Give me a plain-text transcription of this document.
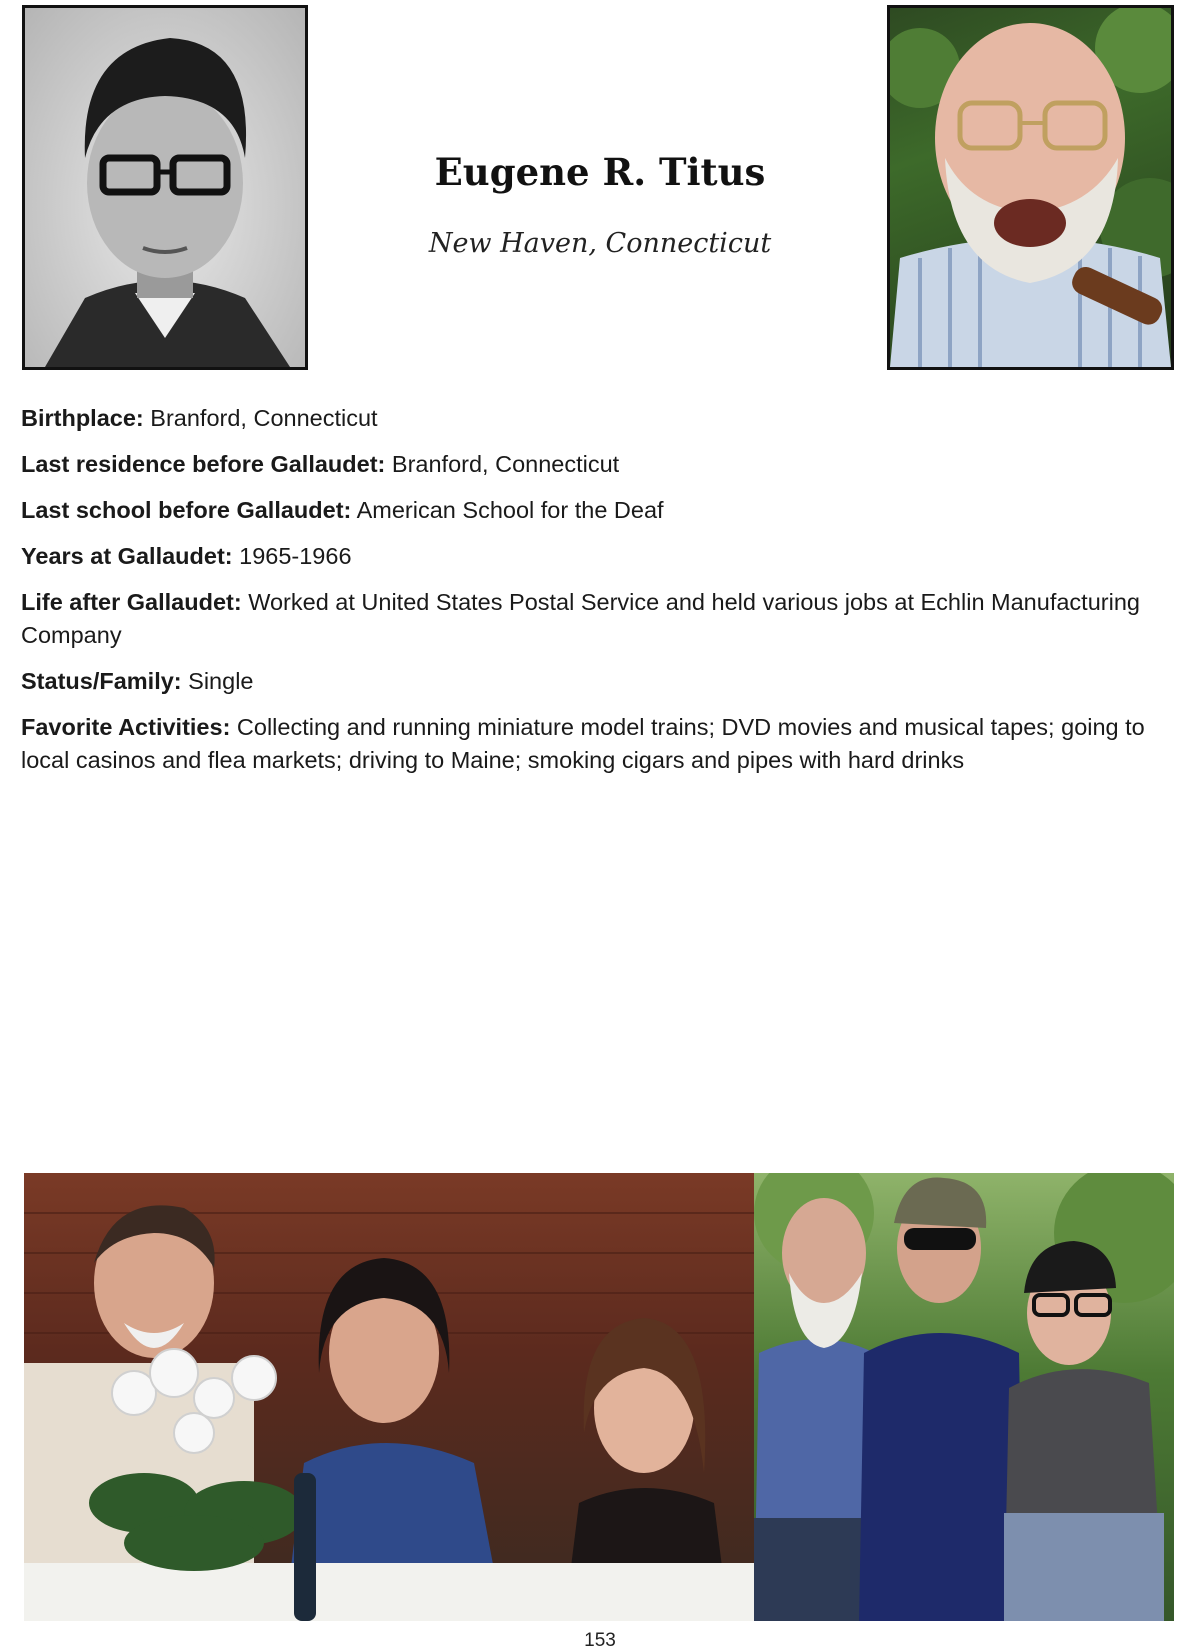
Eugene R. Titus
New Haven, Connecticut

Birthplace: Branford, Connecticut

Last residence before Gallaudet: Branford, Connecticut

Last school before Gallaudet: American School for the Deaf

Years at Gallaudet: 1965-1966

Life after Gallaudet: Worked at United States Postal Service and held various jobs at Echlin Manufacturing Company

Status/Family: Single

Favorite Activities: Collecting and running miniature model trains; DVD movies and musical tapes; going to local casinos and flea markets; driving to Maine; smoking cigars and pipes with hard drinks

153
